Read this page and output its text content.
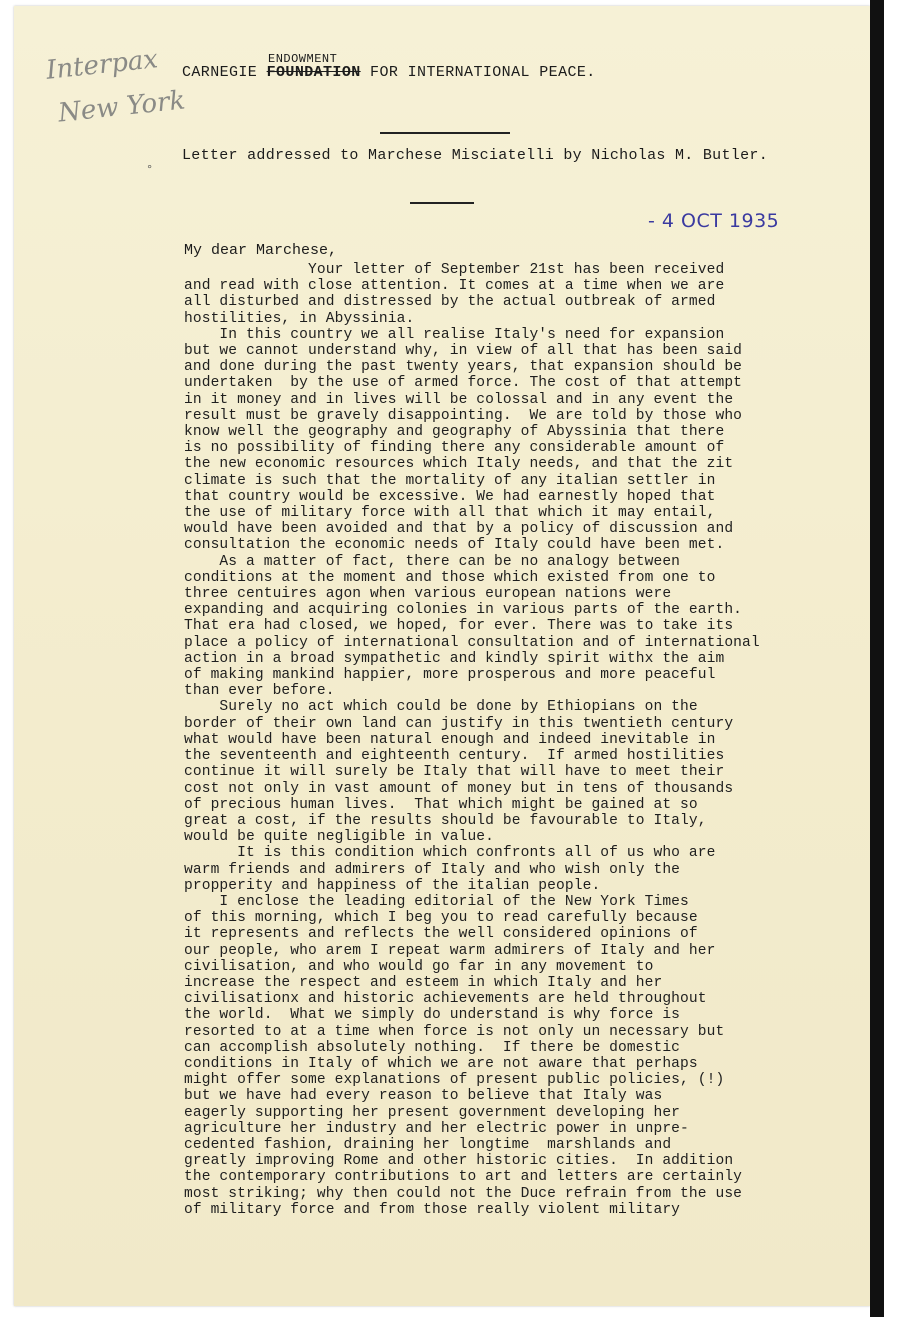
Interpax
New York
ENDOWMENT
CARNEGIE FOUNDATION FOR INTERNATIONAL PEACE.
°
Letter addressed to Marchese Misciatelli by Nicholas M. Butler.
- 4 OCT 1935
My dear Marchese,
Your letter of September 21st has been received
and read with close attention. It comes at a time when we are
all disturbed and distressed by the actual outbreak of armed
hostilities, in Abyssinia.
In this country we all realise Italy's need for expansion
but we cannot understand why, in view of all that has been said
and done during the past twenty years, that expansion should be
undertaken  by the use of armed force. The cost of that attempt
in it money and in lives will be colossal and in any event the
result must be gravely disappointing.  We are told by those who
know well the geography and geography of Abyssinia that there
is no possibility of finding there any considerable amount of
the new economic resources which Italy needs, and that the zit
climate is such that the mortality of any italian settler in
that country would be excessive. We had earnestly hoped that
the use of military force with all that which it may entail,
would have been avoided and that by a policy of discussion and
consultation the economic needs of Italy could have been met.
As a matter of fact, there can be no analogy between
conditions at the moment and those which existed from one to
three centuires agon when various european nations were
expanding and acquiring colonies in various parts of the earth.
That era had closed, we hoped, for ever. There was to take its
place a policy of international consultation and of international
action in a broad sympathetic and kindly spirit withx the aim
of making mankind happier, more prosperous and more peaceful
than ever before.
Surely no act which could be done by Ethiopians on the
border of their own land can justify in this twentieth century
what would have been natural enough and indeed inevitable in
the seventeenth and eighteenth century.  If armed hostilities
continue it will surely be Italy that will have to meet their
cost not only in vast amount of money but in tens of thousands
of precious human lives.  That which might be gained at so
great a cost, if the results should be favourable to Italy,
would be quite negligible in value.
It is this condition which confronts all of us who are
warm friends and admirers of Italy and who wish only the
propperity and happiness of the italian people.
I enclose the leading editorial of the New York Times
of this morning, which I beg you to read carefully because
it represents and reflects the well considered opinions of
our people, who arem I repeat warm admirers of Italy and her
civilisation, and who would go far in any movement to
increase the respect and esteem in which Italy and her
civilisationx and historic achievements are held throughout
the world.  What we simply do understand is why force is
resorted to at a time when force is not only un necessary but
can accomplish absolutely nothing.  If there be domestic
conditions in Italy of which we are not aware that perhaps
might offer some explanations of present public policies, (!)
but we have had every reason to believe that Italy was
eagerly supporting her present government developing her
agriculture her industry and her electric power in unpre-
cedented fashion, draining her longtime  marshlands and
greatly improving Rome and other historic cities.  In addition
the contemporary contributions to art and letters are certainly
most striking; why then could not the Duce refrain from the use
of military force and from those really violent military
